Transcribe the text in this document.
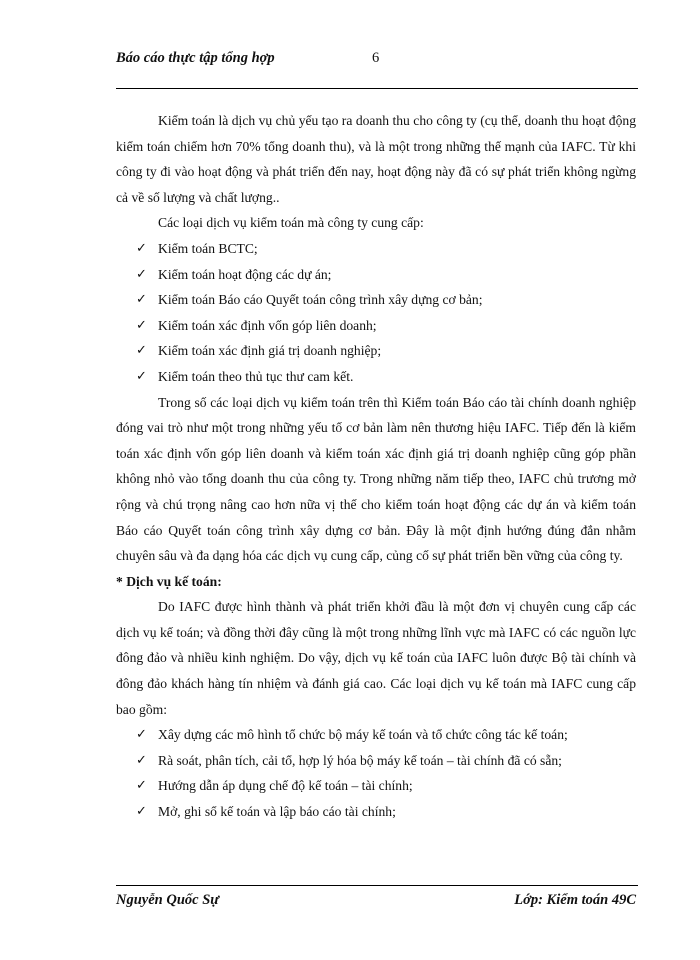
Báo cáo thực tập tổng hợp	6

Kiểm toán là dịch vụ chủ yếu tạo ra doanh thu cho công ty (cụ thể, doanh thu hoạt động kiểm toán chiếm hơn 70% tổng doanh thu), và là một trong những thế mạnh của IAFC. Từ khi công ty đi vào hoạt động và phát triển đến nay, hoạt động này đã có sự phát triển không ngừng cả về số lượng và chất lượng..

Các loại dịch vụ kiểm toán mà công ty cung cấp:

✓ Kiểm toán BCTC;
✓ Kiểm toán hoạt động các dự án;
✓ Kiểm toán Báo cáo Quyết toán công trình xây dựng cơ bản;
✓ Kiểm toán xác định vốn góp liên doanh;
✓ Kiểm toán xác định giá trị doanh nghiệp;
✓ Kiểm toán theo thủ tục thư cam kết.

Trong số các loại dịch vụ kiểm toán trên thì Kiểm toán Báo cáo tài chính doanh nghiệp đóng vai trò như một trong những yếu tố cơ bản làm nên thương hiệu IAFC. Tiếp đến là kiểm toán xác định vốn góp liên doanh và kiểm toán xác định giá trị doanh nghiệp cũng góp phần không nhỏ vào tổng doanh thu của công ty. Trong những năm tiếp theo, IAFC chủ trương mở rộng và chú trọng nâng cao hơn nữa vị thế cho kiểm toán hoạt động các dự án và kiểm toán Báo cáo Quyết toán công trình xây dựng cơ bản. Đây là một định hướng đúng đắn nhằm chuyên sâu và đa dạng hóa các dịch vụ cung cấp, củng cố sự phát triển bền vững của công ty.

* Dịch vụ kế toán:

Do IAFC được hình thành và phát triển khởi đầu là một đơn vị chuyên cung cấp các dịch vụ kế toán; và đồng thời đây cũng là một trong những lĩnh vực mà IAFC có các nguồn lực đông đảo và nhiều kinh nghiệm. Do vậy, dịch vụ kế toán của IAFC luôn được Bộ tài chính và đông đảo khách hàng tín nhiệm và đánh giá cao. Các loại dịch vụ kế toán mà IAFC cung cấp bao gồm:

✓ Xây dựng các mô hình tổ chức bộ máy kế toán và tổ chức công tác kế toán;
✓ Rà soát, phân tích, cải tổ, hợp lý hóa bộ máy kế toán – tài chính đã có sẵn;
✓ Hướng dẫn áp dụng chế độ kế toán – tài chính;
✓ Mở, ghi sổ kế toán và lập báo cáo tài chính;
Nguyễn Quốc Sự	Lớp: Kiểm toán 49C
